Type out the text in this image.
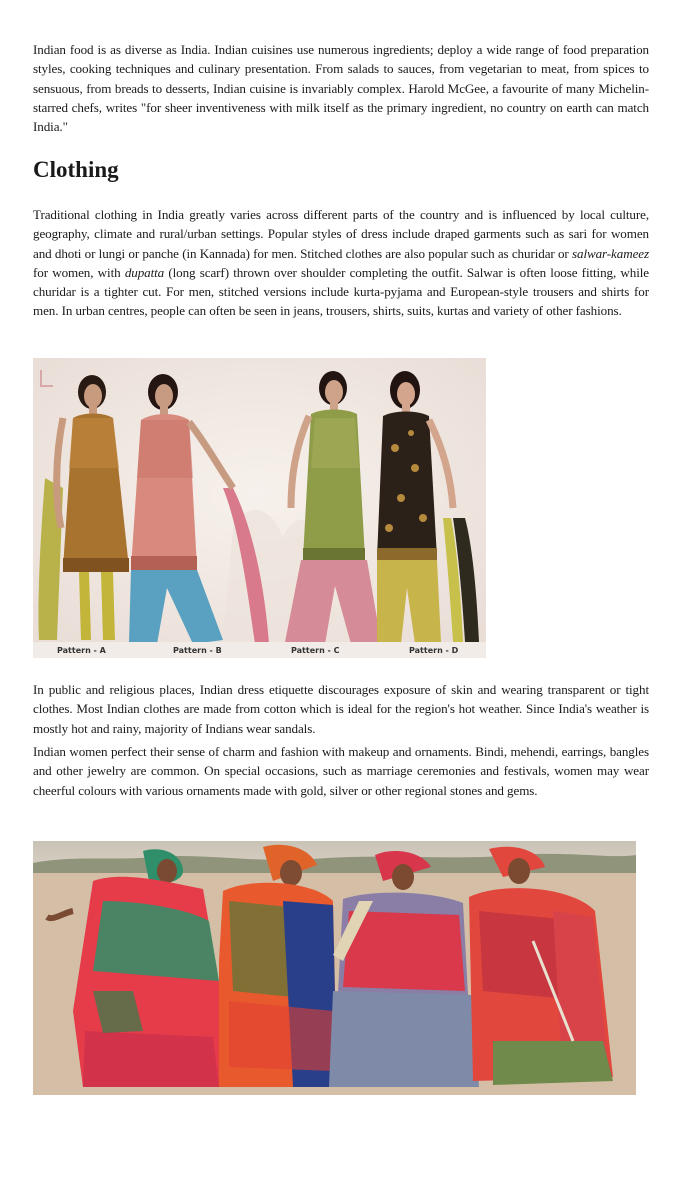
Indian food is as diverse as India. Indian cuisines use numerous ingredients; deploy a wide range of food preparation styles, cooking techniques and culinary presentation. From salads to sauces, from vegetarian to meat, from spices to sensuous, from breads to desserts, Indian cuisine is invariably complex. Harold McGee, a favourite of many Michelin-starred chefs, writes "for sheer inventiveness with milk itself as the primary ingredient, no country on earth can match India."

Clothing

Traditional clothing in India greatly varies across different parts of the country and is influenced by local culture, geography, climate and rural/urban settings. Popular styles of dress include draped garments such as sari for women and dhoti or lungi or panche (in Kannada) for men. Stitched clothes are also popular such as churidar or salwar-kameez for women, with dupatta (long scarf) thrown over shoulder completing the outfit. Salwar is often loose fitting, while churidar is a tighter cut. For men, stitched versions include kurta-pyjama and European-style trousers and shirts for men. In urban centres, people can often be seen in jeans, trousers, shirts, suits, kurtas and variety of other fashions.

Pattern - A	Pattern - B	Pattern - C	Pattern - D

In public and religious places, Indian dress etiquette discourages exposure of skin and wearing transparent or tight clothes. Most Indian clothes are made from cotton which is ideal for the region's hot weather. Since India's weather is mostly hot and rainy, majority of Indians wear sandals.

Indian women perfect their sense of charm and fashion with makeup and ornaments. Bindi, mehendi, earrings, bangles and other jewelry are common. On special occasions, such as marriage ceremonies and festivals, women may wear cheerful colours with various ornaments made with gold, silver or other regional stones and gems.
